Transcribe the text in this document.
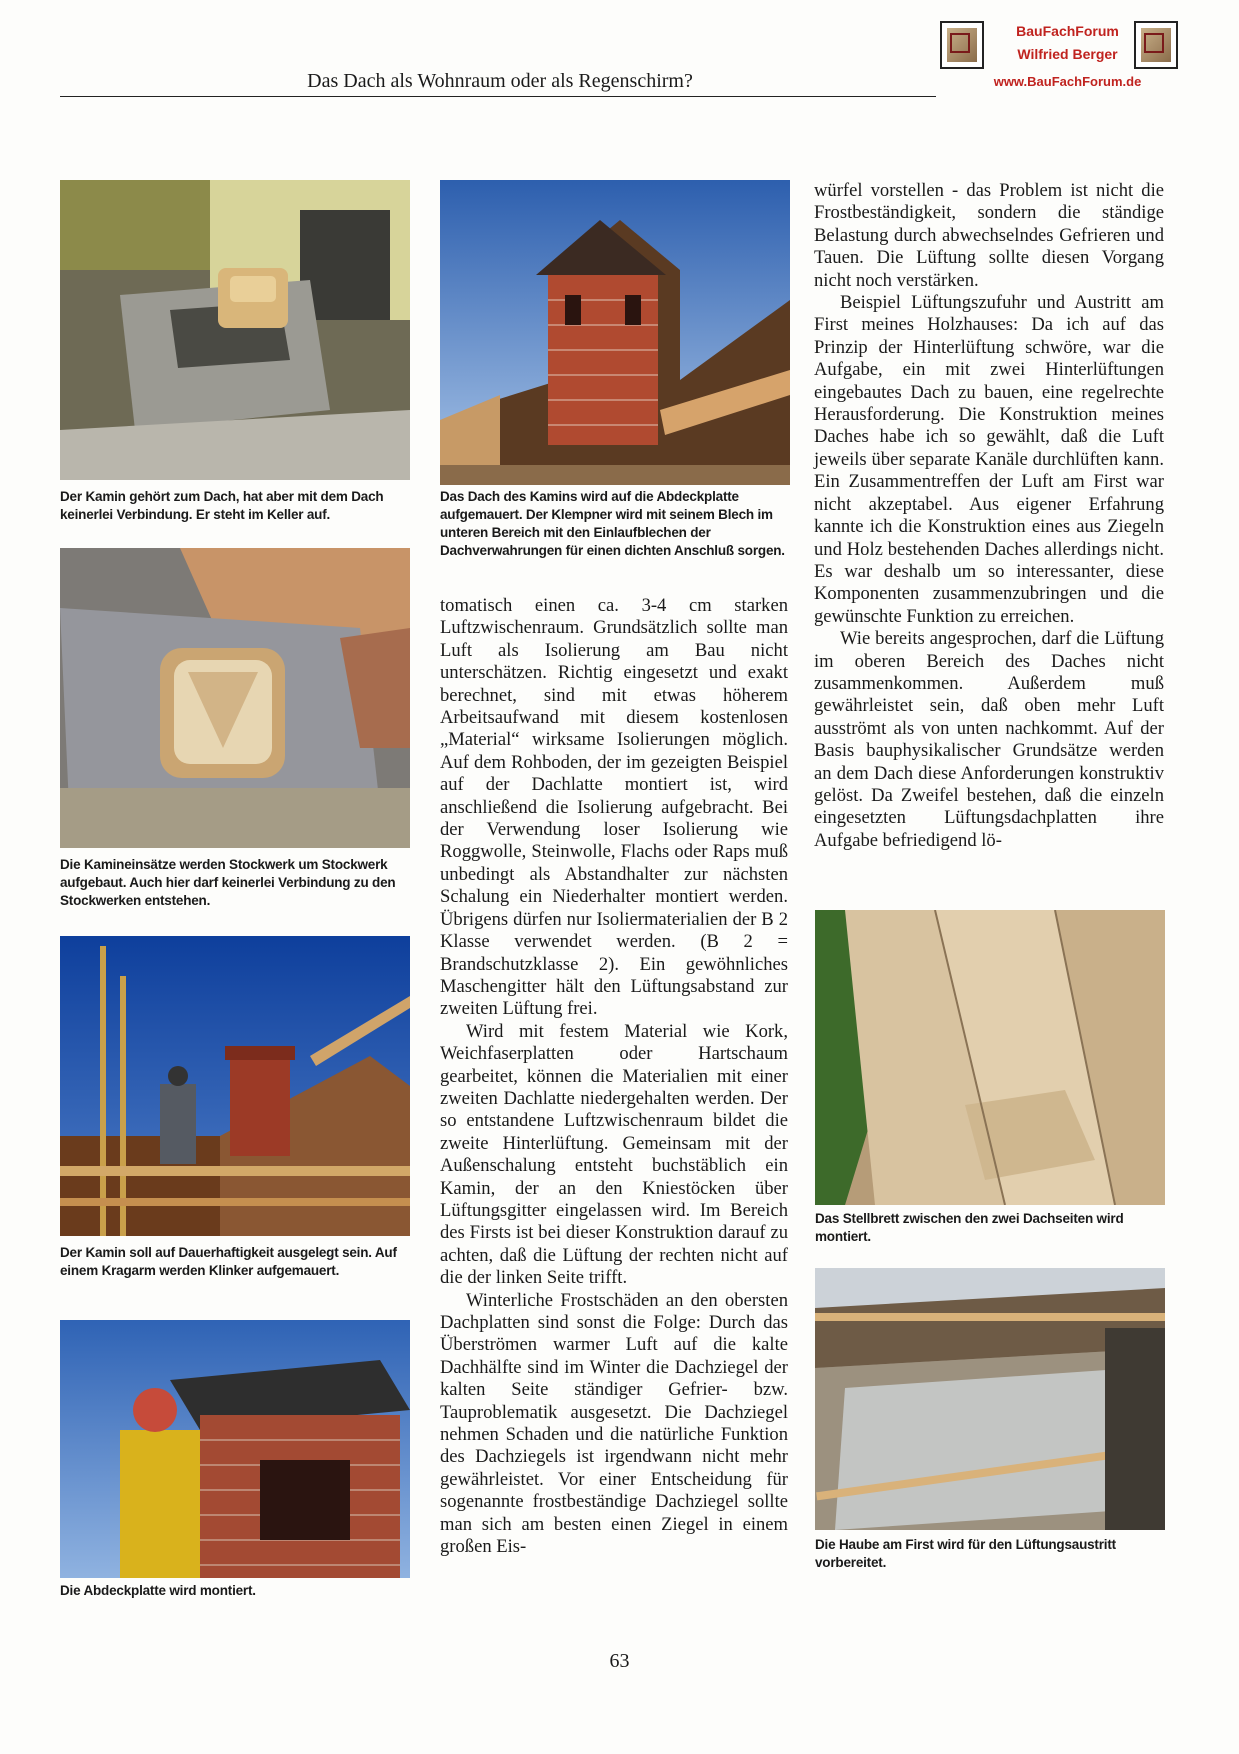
Das Dach als Wohnraum oder als Regenschirm?
BauFachForum
Wilfried Berger
www.BauFachForum.de
Der Kamin gehört zum Dach, hat aber mit dem Dach keinerlei Verbindung. Er steht im Keller auf.
Die Kamineinsätze werden Stockwerk um Stockwerk aufgebaut. Auch hier darf keinerlei Verbindung zu den Stockwerken entstehen.
Der Kamin soll auf Dauerhaftigkeit ausgelegt sein. Auf einem Kragarm werden Klinker aufgemauert.
Die Abdeckplatte wird montiert.
Das Dach des Kamins wird auf die Abdeckplatte aufgemauert. Der Klempner wird mit seinem Blech im unteren Bereich mit den Einlaufblechen der Dachverwahrungen für einen dichten Anschluß sorgen.

tomatisch einen ca. 3-4 cm starken Luftzwischenraum. Grundsätzlich sollte man Luft als Isolierung am Bau nicht unterschätzen. Richtig eingesetzt und exakt berechnet, sind mit etwas höherem Arbeitsaufwand mit diesem kostenlosen „Material“ wirksame Isolierungen möglich. Auf dem Rohboden, der im gezeigten Beispiel auf der Dachlatte montiert ist, wird anschließend die Isolierung aufgebracht. Bei der Verwendung loser Isolierung wie Roggwolle, Steinwolle, Flachs oder Raps muß unbedingt als Abstandhalter zur nächsten Schalung ein Niederhalter montiert werden. Übrigens dürfen nur Isoliermaterialien der B 2 Klasse verwendet werden. (B 2 = Brandschutzklasse 2). Ein gewöhnliches Maschengitter hält den Lüftungsabstand zur zweiten Lüftung frei.

Wird mit festem Material wie Kork, Weichfaserplatten oder Hartschaum gearbeitet, können die Materialien mit einer zweiten Dachlatte niedergehalten werden. Der so entstandene Luftzwischenraum bildet die zweite Hinterlüftung. Gemeinsam mit der Außenschalung entsteht buchstäblich ein Kamin, der an den Kniestöcken über Lüftungsgitter eingelassen wird. Im Bereich des Firsts ist bei dieser Konstruktion darauf zu achten, daß die Lüftung der rechten nicht auf die der linken Seite trifft.

Winterliche Frostschäden an den obersten Dachplatten sind sonst die Folge: Durch das Überströmen warmer Luft auf die kalte Dachhälfte sind im Winter die Dachziegel der kalten Seite ständiger Gefrier- bzw. Tauproblematik ausgesetzt. Die Dachziegel nehmen Schaden und die natürliche Funktion des Dachziegels ist irgendwann nicht mehr gewährleistet. Vor einer Entscheidung für sogenannte frostbeständige Dachziegel sollte man sich am besten einen Ziegel in einem großen Eis-

würfel vorstellen - das Problem ist nicht die Frostbeständigkeit, sondern die ständige Belastung durch abwechselndes Gefrieren und Tauen. Die Lüftung sollte diesen Vorgang nicht noch verstärken.

Beispiel Lüftungszufuhr und Austritt am First meines Holzhauses: Da ich auf das Prinzip der Hinterlüftung schwöre, war die Aufgabe, ein mit zwei Hinterlüftungen eingebautes Dach zu bauen, eine regelrechte Herausforderung. Die Konstruktion meines Daches habe ich so gewählt, daß die Luft jeweils über separate Kanäle durchlüften kann. Ein Zusammentreffen der Luft am First war nicht akzeptabel. Aus eigener Erfahrung kannte ich die Konstruktion eines aus Ziegeln und Holz bestehenden Daches allerdings nicht. Es war deshalb um so interessanter, diese Komponenten zusammenzubringen und die gewünschte Funktion zu erreichen.

Wie bereits angesprochen, darf die Lüftung im oberen Bereich des Daches nicht zusammenkommen. Außerdem muß gewährleistet sein, daß oben mehr Luft ausströmt als von unten nachkommt. Auf der Basis bauphysikalischer Grundsätze werden an dem Dach diese Anforderungen konstruktiv gelöst. Da Zweifel bestehen, daß die einzeln eingesetzten Lüftungsdachplatten ihre Aufgabe befriedigend lö-

Das Stellbrett zwischen den zwei Dachseiten wird montiert.
Die Haube am First wird für den Lüftungsaustritt vorbereitet.
63
